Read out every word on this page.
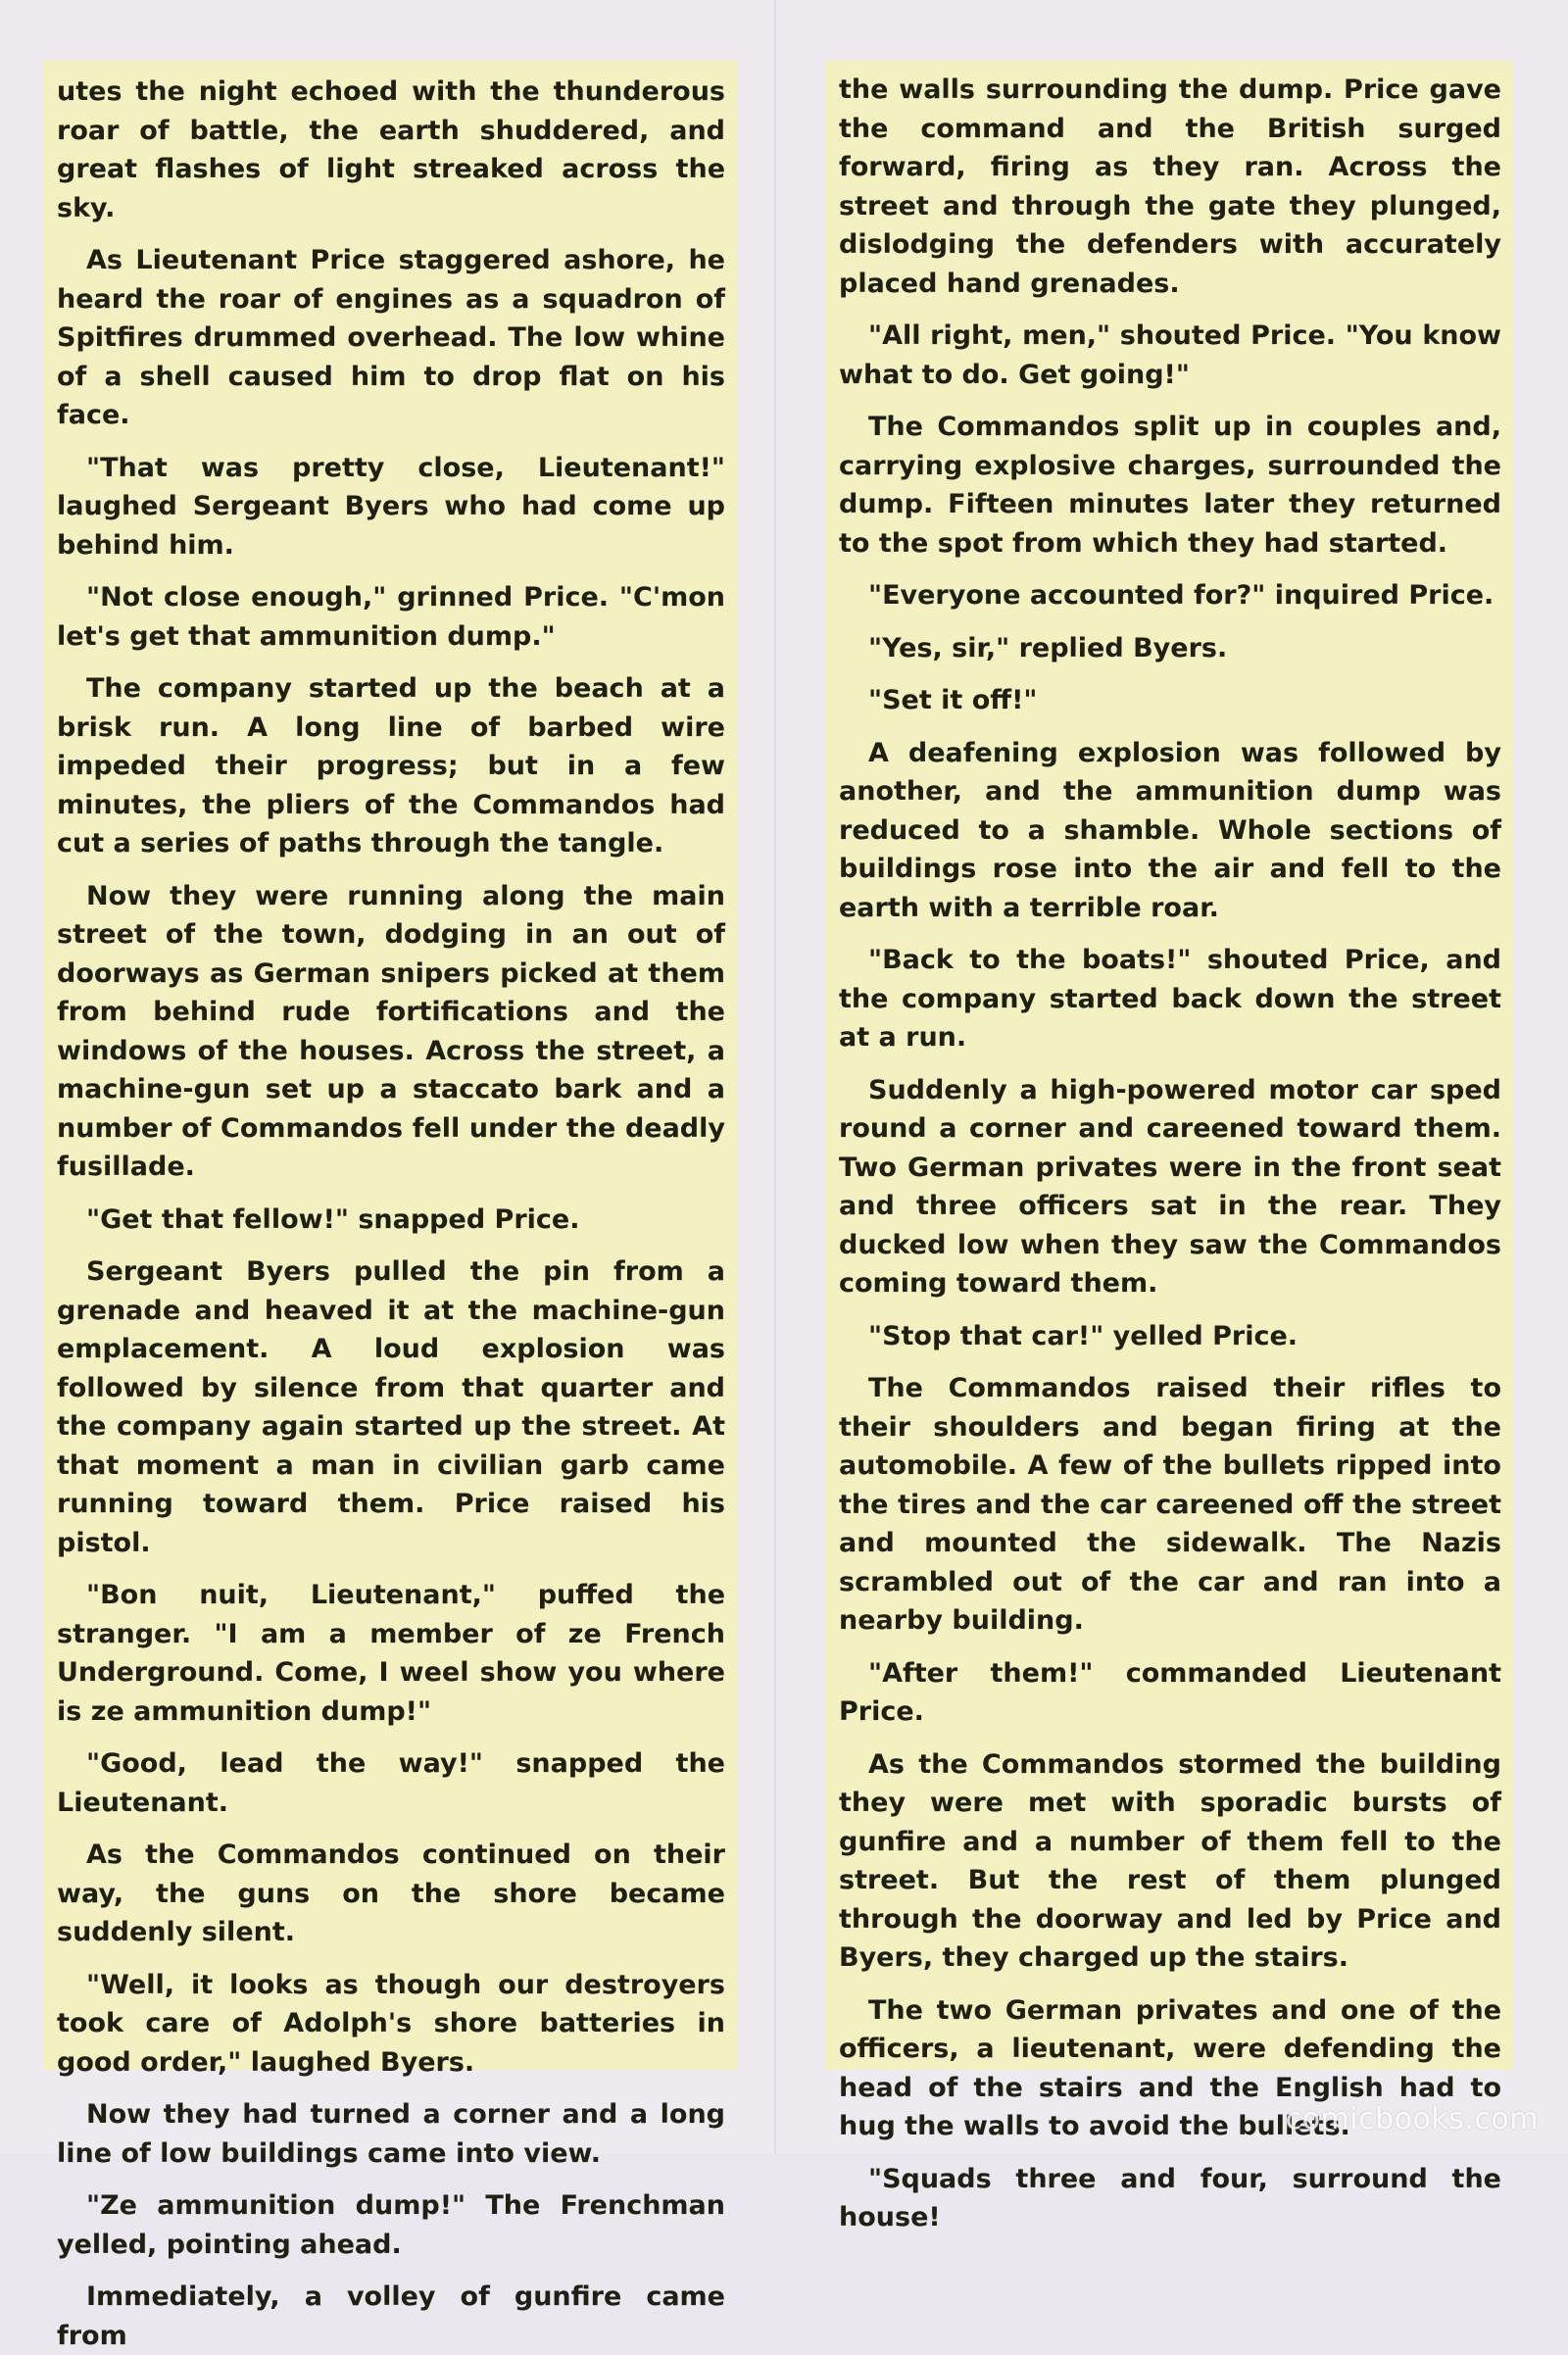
utes the night echoed with the thunderous roar of battle, the earth shuddered, and great flashes of light streaked across the sky.

As Lieutenant Price staggered ashore, he heard the roar of engines as a squadron of Spitfires drummed overhead. The low whine of a shell caused him to drop flat on his face.

"That was pretty close, Lieutenant!" laughed Sergeant Byers who had come up behind him.

"Not close enough," grinned Price. "C'mon let's get that ammunition dump."

The company started up the beach at a brisk run. A long line of barbed wire impeded their progress; but in a few minutes, the pliers of the Commandos had cut a series of paths through the tangle.

Now they were running along the main street of the town, dodging in an out of doorways as German snipers picked at them from behind rude fortifications and the windows of the houses. Across the street, a machine-gun set up a staccato bark and a number of Commandos fell under the deadly fusillade.

"Get that fellow!" snapped Price.

Sergeant Byers pulled the pin from a grenade and heaved it at the machine-gun emplacement. A loud explosion was followed by silence from that quarter and the company again started up the street. At that moment a man in civilian garb came running toward them. Price raised his pistol.

"Bon nuit, Lieutenant," puffed the stranger. "I am a member of ze French Underground. Come, I weel show you where is ze ammunition dump!"

"Good, lead the way!" snapped the Lieutenant.

As the Commandos continued on their way, the guns on the shore became suddenly silent.

"Well, it looks as though our destroyers took care of Adolph's shore batteries in good order," laughed Byers.

Now they had turned a corner and a long line of low buildings came into view.

"Ze ammunition dump!" The Frenchman yelled, pointing ahead.

Immediately, a volley of gunfire came from

the walls surrounding the dump. Price gave the command and the British surged forward, firing as they ran. Across the street and through the gate they plunged, dislodging the defenders with accurately placed hand grenades.

"All right, men," shouted Price. "You know what to do. Get going!"

The Commandos split up in couples and, carrying explosive charges, surrounded the dump. Fifteen minutes later they returned to the spot from which they had started.

"Everyone accounted for?" inquired Price.

"Yes, sir," replied Byers.

"Set it off!"

A deafening explosion was followed by another, and the ammunition dump was reduced to a shamble. Whole sections of buildings rose into the air and fell to the earth with a terrible roar.

"Back to the boats!" shouted Price, and the company started back down the street at a run.

Suddenly a high-powered motor car sped round a corner and careened toward them. Two German privates were in the front seat and three officers sat in the rear. They ducked low when they saw the Commandos coming toward them.

"Stop that car!" yelled Price.

The Commandos raised their rifles to their shoulders and began firing at the automobile. A few of the bullets ripped into the tires and the car careened off the street and mounted the sidewalk. The Nazis scrambled out of the car and ran into a nearby building.

"After them!" commanded Lieutenant Price.

As the Commandos stormed the building they were met with sporadic bursts of gunfire and a number of them fell to the street. But the rest of them plunged through the doorway and led by Price and Byers, they charged up the stairs.

The two German privates and one of the officers, a lieutenant, were defending the head of the stairs and the English had to hug the walls to avoid the bullets.

"Squads three and four, surround the house!

comicbooks.com
